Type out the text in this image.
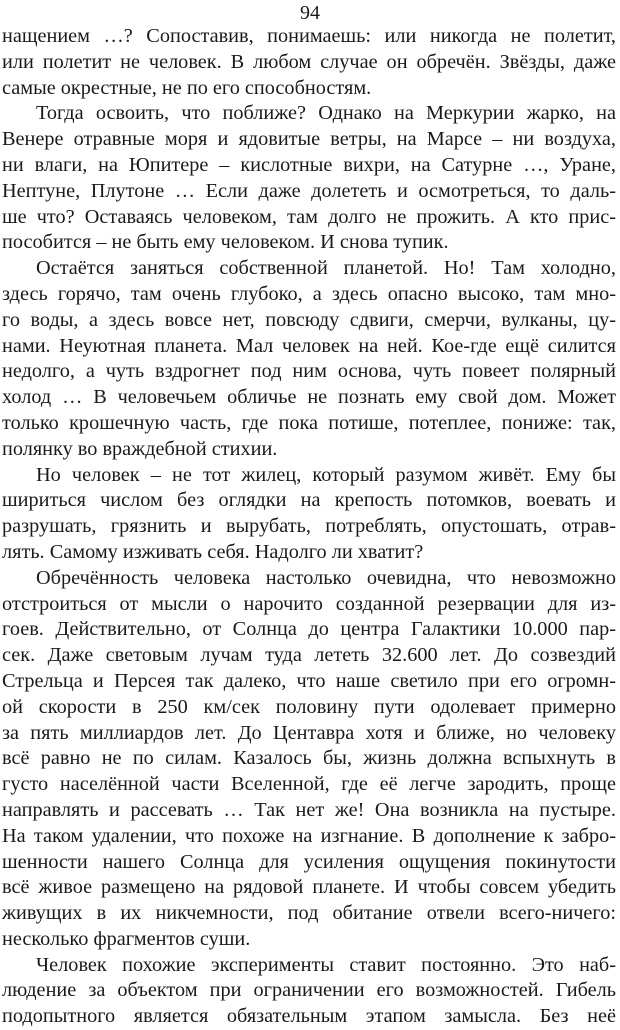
94
нащением …? Сопоставив, понимаешь: или никогда не полетит,
или полетит не человек. В любом случае он обречён. Звёзды, даже
самые окрестные, не по его способностям.
Тогда освоить, что поближе? Однако на Меркурии жарко, на
Венере отравные моря и ядовитые ветры, на Марсе – ни воздуха,
ни влаги, на Юпитере – кислотные вихри, на Сатурне …, Уране,
Нептуне, Плутоне … Если даже долететь и осмотреться, то даль-
ше что? Оставаясь человеком, там долго не прожить. А кто прис-
пособится – не быть ему человеком. И снова тупик.
Остаётся заняться собственной планетой. Но! Там холодно,
здесь горячо, там очень глубоко, а здесь опасно высоко, там мно-
го воды, а здесь вовсе нет, повсюду сдвиги, смерчи, вулканы, цу-
нами. Неуютная планета. Мал человек на ней. Кое-где ещё силится
недолго, а чуть вздрогнет под ним основа, чуть повеет полярный
холод … В человечьем обличье не познать ему свой дом. Может
только крошечную часть, где пока потише, потеплее, пониже: так,
полянку во враждебной стихии.
Но человек – не тот жилец, который разумом живёт. Ему бы
шириться числом без оглядки на крепость потомков, воевать и
разрушать, грязнить и вырубать, потреблять, опустошать, отрав-
лять. Самому изживать себя. Надолго ли хватит?
Обречённость человека настолько очевидна, что невозможно
отстроиться от мысли о нарочито созданной резервации для из-
гоев. Действительно, от Солнца до центра Галактики 10.000 пар-
сек. Даже световым лучам туда лететь 32.600 лет. До созвездий
Стрельца и Персея так далеко, что наше светило при его огромн-
ой скорости в 250 км/сек половину пути одолевает примерно
за пять миллиардов лет. До Центавра хотя и ближе, но человеку
всё равно не по силам. Казалось бы, жизнь должна вспыхнуть в
густо населённой части Вселенной, где её легче зародить, проще
направлять и рассевать … Так нет же! Она возникла на пустыре.
На таком удалении, что похоже на изгнание. В дополнение к забро-
шенности нашего Солнца для усиления ощущения покинутости
всё живое размещено на рядовой планете. И чтобы совсем убедить
живущих в их никчемности, под обитание отвели всего-ничего:
несколько фрагментов суши.
Человек похожие эксперименты ставит постоянно. Это наб-
людение за объектом при ограничении его возможностей. Гибель
подопытного является обязательным этапом замысла. Без неё
